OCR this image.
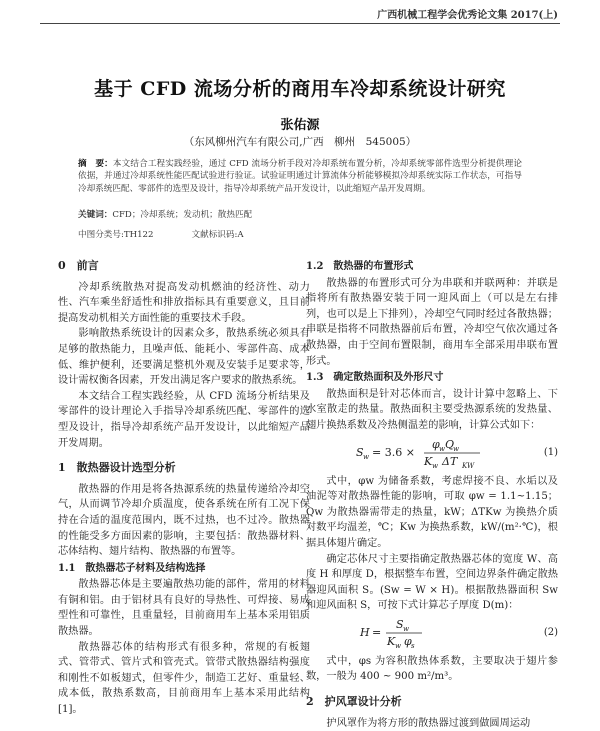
广西机械工程学会优秀论文集 2017(上)
基于 CFD 流场分析的商用车冷却系统设计研究
张佑源
（东风柳州汽车有限公司,广西　柳州　545005）
摘　要：本文结合工程实践经验，通过 CFD 流场分析手段对冷却系统布置分析，冷却系统零部件选型分析提供理论依据，并通过冷却系统性能匹配试验进行验证。试验证明通过计算流体分析能够模拟冷却系统实际工作状态，可指导冷却系统匹配、零部件的选型及设计，指导冷却系统产品开发设计，以此缩短产品开发周期。
关键词：CFD；冷却系统；发动机；散热匹配
中图分类号:TH122	文献标识码:A
0　前言

冷却系统散热对提高发动机燃油的经济性、动力性、汽车乘坐舒适性和排放指标具有重要意义，且目前提高发动机相关方面性能的重要技术手段。

影响散热系统设计的因素众多，散热系统必须具有足够的散热能力，且噪声低、能耗小、零部件高、成本低、维护便利，还要满足整机外观及安装手足要求等，设计需权衡各因素，开发出满足客户要求的散热系统。

本文结合工程实践经验，从 CFD 流场分析结果及零部件的设计理论入手指导冷却系统匹配、零部件的选型及设计，指导冷却系统产品开发设计，以此缩短产品开发周期。

1　散热器设计选型分析

散热器的作用是将各热源系统的热量传递给冷却空气，从而调节冷却介质温度，使各系统在所有工况下保持在合适的温度范围内，既不过热，也不过冷。散热器的性能受多方面因素的影响，主要包括：散热器材料、芯体结构、翅片结构、散热器的布置等。

1.1　散热器芯子材料及结构选择

散热器芯体是主要遍散热功能的部件，常用的材料有铜和铝。由于铝材具有良好的导热性、可焊接、易成型性和可靠性，且重量轻，目前商用车上基本采用铝质散热器。

散热器芯体的结构形式有很多种，常规的有板翅式、管带式、管片式和管壳式。管带式散热器结构强度和刚性不如板翅式，但零件少，制造工艺好、重量轻、成本低，散热系数高，目前商用车上基本采用此结构[1]。

1.2　散热器的布置形式

散热器的布置形式可分为串联和并联两种：并联是指将所有散热器安装于同一迎风面上（可以是左右排列，也可以是上下排列），冷却空气同时经过各散热器；串联是指将不同散热器前后布置，冷却空气依次通过各散热器，由于空间布置限制，商用车全部采用串联布置形式。

1.3　确定散热面积及外形尺寸

散热面积是针对芯体而言，设计计算中忽略上、下水室散走的热量。散热面积主要受热源系统的发热量、翅片换热系数及冷热侧温差的影响，计算公式如下：

S w = 3.6 ×
φ w Q
w
K w ΔT KW
(1)

式中，φw 为储备系数，考虑焊接不良、水垢以及油泥等对散热器性能的影响，可取 φw = 1.1~1.15；Qw 为散热器需带走的热量，kW；ΔTKw 为换热介质对数平均温差，℃；Kw 为换热系数，kW/(m²·℃)，根据具体翅片确定。

确定芯体尺寸主要指确定散热器芯体的宽度 W、高度 H 和厚度 D，根据整车布置，空间边界条件确定散热器迎风面积 S。(Sw = W × H)。根据散热器面积 Sw 和迎风面积 S，可按下式计算芯子厚度 D(m)：

H =
S w
K w φ s
(2)

式中，φs 为容积散热体系数，主要取决于翅片参数，一般为 400 ~ 900 m²/m³。

2　护风罩设计分析

护风罩作为将方形的散热器过渡到做圆周运动
